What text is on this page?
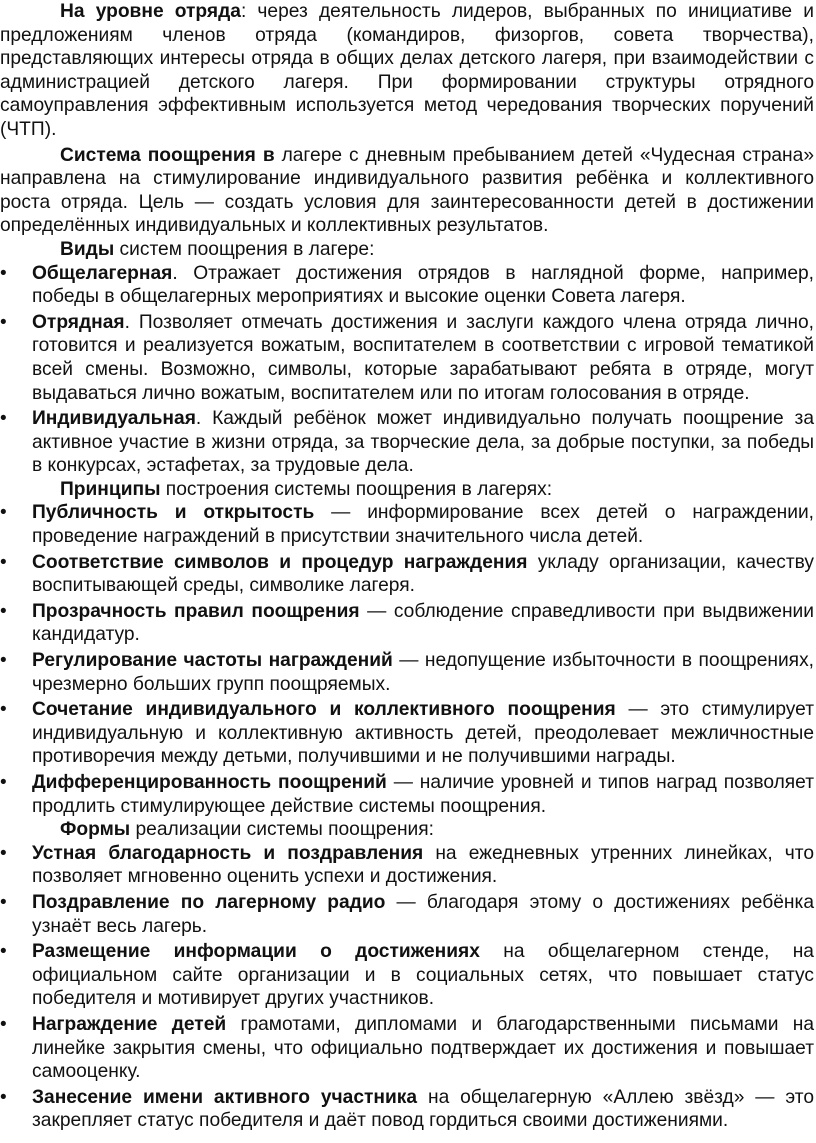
На уровне отряда: через деятельность лидеров, выбранных по инициативе и предложениям членов отряда (командиров, физоргов, совета творчества), представляющих интересы отряда в общих делах детского лагеря, при взаимодействии с администрацией детского лагеря. При формировании структуры отрядного самоуправления эффективным используется метод чередования творческих поручений (ЧТП).

Система поощрения в лагере с дневным пребыванием детей «Чудесная страна» направлена на стимулирование индивидуального развития ребёнка и коллективного роста отряда. Цель — создать условия для заинтересованности детей в достижении определённых индивидуальных и коллективных результатов.

Виды систем поощрения в лагере:

•	Общелагерная. Отражает достижения отрядов в наглядной форме, например, победы в общелагерных мероприятиях и высокие оценки Совета лагеря.
•	Отрядная. Позволяет отмечать достижения и заслуги каждого члена отряда лично, готовится и реализуется вожатым, воспитателем в соответствии с игровой тематикой всей смены. Возможно, символы, которые зарабатывают ребята в отряде, могут выдаваться лично вожатым, воспитателем или по итогам голосования в отряде.
•	Индивидуальная. Каждый ребёнок может индивидуально получать поощрение за активное участие в жизни отряда, за творческие дела, за добрые поступки, за победы в конкурсах, эстафетах, за трудовые дела.

Принципы построения системы поощрения в лагерях:

•	Публичность и открытость — информирование всех детей о награждении, проведение награждений в присутствии значительного числа детей.
•	Соответствие символов и процедур награждения укладу организации, качеству воспитывающей среды, символике лагеря.
•	Прозрачность правил поощрения — соблюдение справедливости при выдвижении кандидатур.
•	Регулирование частоты награждений — недопущение избыточности в поощрениях, чрезмерно больших групп поощряемых.
•	Сочетание индивидуального и коллективного поощрения — это стимулирует индивидуальную и коллективную активность детей, преодолевает межличностные противоречия между детьми, получившими и не получившими награды.
•	Дифференцированность поощрений — наличие уровней и типов наград позволяет продлить стимулирующее действие системы поощрения.

Формы реализации системы поощрения:

•	Устная благодарность и поздравления на ежедневных утренних линейках, что позволяет мгновенно оценить успехи и достижения.
•	Поздравление по лагерному радио — благодаря этому о достижениях ребёнка узнаёт весь лагерь.
•	Размещение информации о достижениях на общелагерном стенде, на официальном сайте организации и в социальных сетях, что повышает статус победителя и мотивирует других участников.
•	Награждение детей грамотами, дипломами и благодарственными письмами на линейке закрытия смены, что официально подтверждает их достижения и повышает самооценку.
•	Занесение имени активного участника на общелагерную «Аллею звёзд» — это закрепляет статус победителя и даёт повод гордиться своими достижениями.
